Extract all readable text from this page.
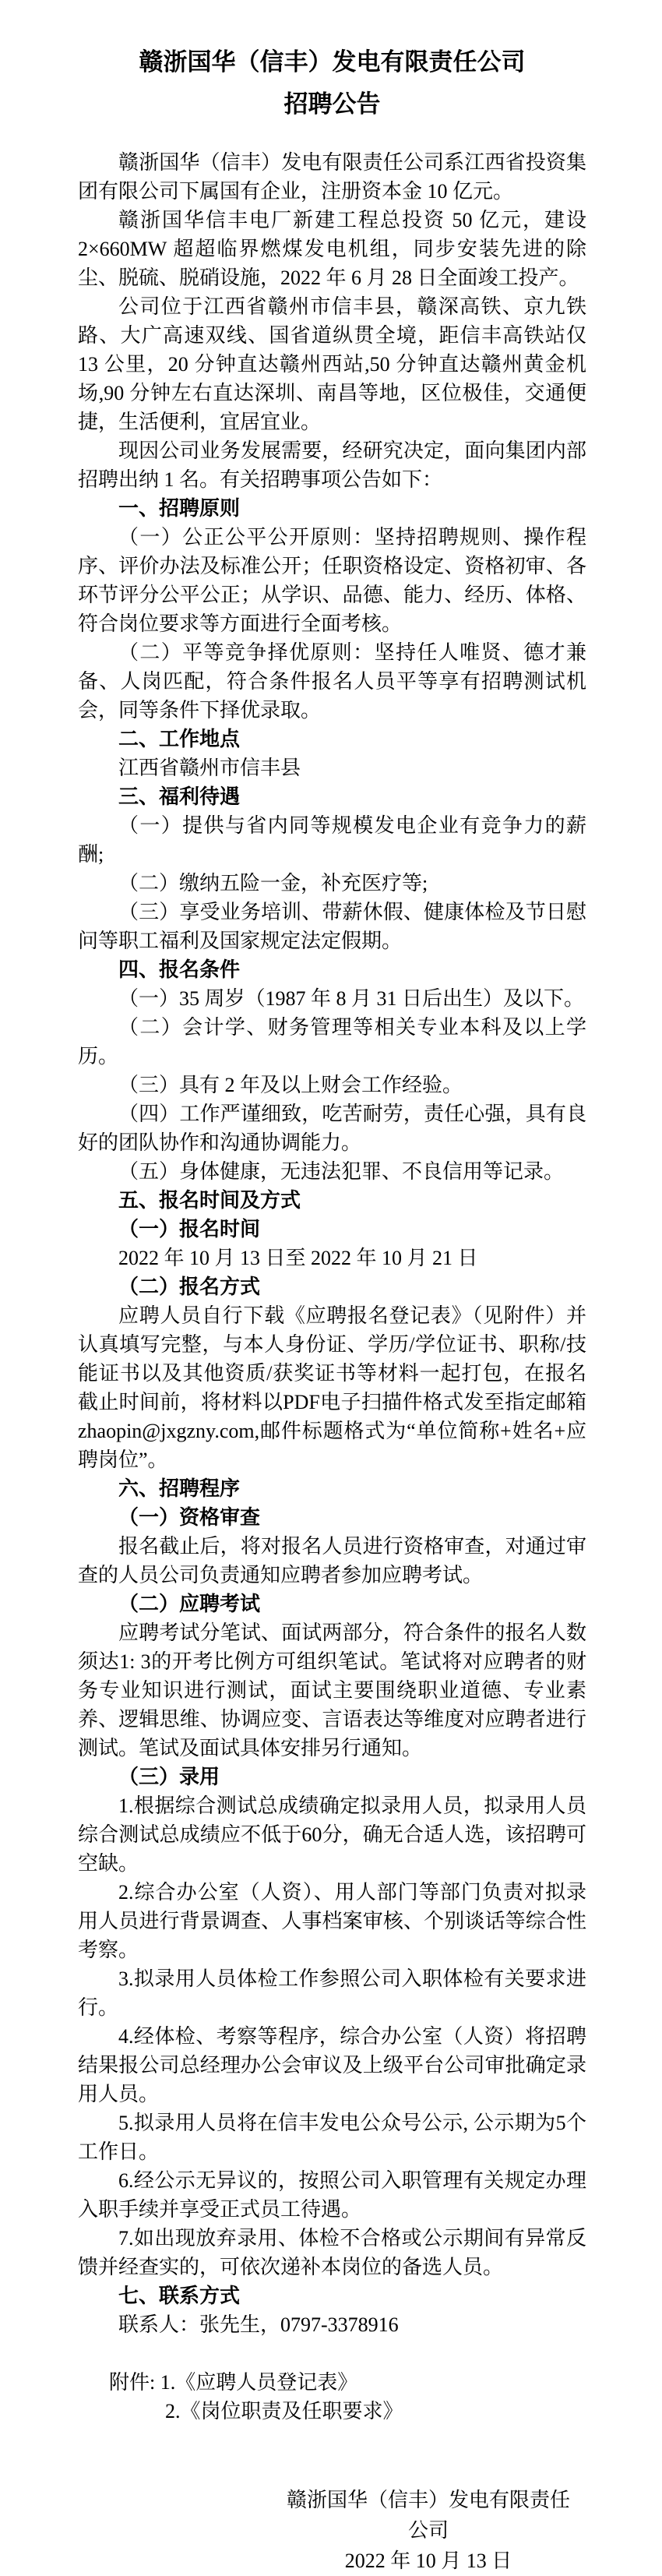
赣浙国华（信丰）发电有限责任公司
招聘公告

赣浙国华（信丰）发电有限责任公司系江西省投资集团有限公司下属国有企业，注册资本金 10 亿元。

赣浙国华信丰电厂新建工程总投资 50 亿元，建设 2×660MW 超超临界燃煤发电机组，同步安装先进的除尘、脱硫、脱硝设施，2022 年 6 月 28 日全面竣工投产。

公司位于江西省赣州市信丰县，赣深高铁、京九铁路、大广高速双线、国省道纵贯全境，距信丰高铁站仅 13 公里，20 分钟直达赣州西站,50 分钟直达赣州黄金机场,90 分钟左右直达深圳、南昌等地，区位极佳，交通便捷，生活便利，宜居宜业。

现因公司业务发展需要，经研究决定，面向集团内部招聘出纳 1 名。有关招聘事项公告如下：

一、招聘原则

（一）公正公平公开原则：坚持招聘规则、操作程序、评价办法及标准公开；任职资格设定、资格初审、各环节评分公平公正；从学识、品德、能力、经历、体格、符合岗位要求等方面进行全面考核。

（二）平等竞争择优原则：坚持任人唯贤、德才兼备、人岗匹配，符合条件报名人员平等享有招聘测试机会，同等条件下择优录取。

二、工作地点

江西省赣州市信丰县

三、福利待遇

（一）提供与省内同等规模发电企业有竞争力的薪酬;

（二）缴纳五险一金，补充医疗等;

（三）享受业务培训、带薪休假、健康体检及节日慰问等职工福利及国家规定法定假期。

四、报名条件

（一）35 周岁（1987 年 8 月 31 日后出生）及以下。

（二）会计学、财务管理等相关专业本科及以上学历。

（三）具有 2 年及以上财会工作经验。

（四）工作严谨细致，吃苦耐劳，责任心强，具有良好的团队协作和沟通协调能力。

（五）身体健康，无违法犯罪、不良信用等记录。

五、报名时间及方式
（一）报名时间

2022 年 10 月 13 日至 2022 年 10 月 21 日

（二）报名方式

应聘人员自行下载《应聘报名登记表》（见附件）并认真填写完整，与本人身份证、学历/学位证书、职称/技能证书以及其他资质/获奖证书等材料一起打包，在报名截止时间前，将材料以PDF电子扫描件格式发至指定邮箱zhaopin@jxgzny.com,邮件标题格式为“单位简称+姓名+应聘岗位”。

六、招聘程序
（一）资格审查

报名截止后，将对报名人员进行资格审查，对通过审查的人员公司负责通知应聘者参加应聘考试。

（二）应聘考试

应聘考试分笔试、面试两部分，符合条件的报名人数须达1: 3的开考比例方可组织笔试。笔试将对应聘者的财务专业知识进行测试，面试主要围绕职业道德、专业素养、逻辑思维、协调应变、言语表达等维度对应聘者进行测试。笔试及面试具体安排另行通知。

（三）录用

1.根据综合测试总成绩确定拟录用人员，拟录用人员综合测试总成绩应不低于60分，确无合适人选，该招聘可空缺。

2.综合办公室（人资）、用人部门等部门负责对拟录用人员进行背景调查、人事档案审核、个别谈话等综合性考察。

3.拟录用人员体检工作参照公司入职体检有关要求进行。

4.经体检、考察等程序，综合办公室（人资）将招聘结果报公司总经理办公会审议及上级平台公司审批确定录用人员。

5.拟录用人员将在信丰发电公众号公示, 公示期为5个工作日。

6.经公示无异议的，按照公司入职管理有关规定办理入职手续并享受正式员工待遇。

7.如出现放弃录用、体检不合格或公示期间有异常反馈并经查实的，可依次递补本岗位的备选人员。

七、联系方式

联系人：张先生，0797-3378916

附件: 1.《应聘人员登记表》
2.《岗位职责及任职要求》
赣浙国华（信丰）发电有限责任公司
2022 年 10 月 13 日
